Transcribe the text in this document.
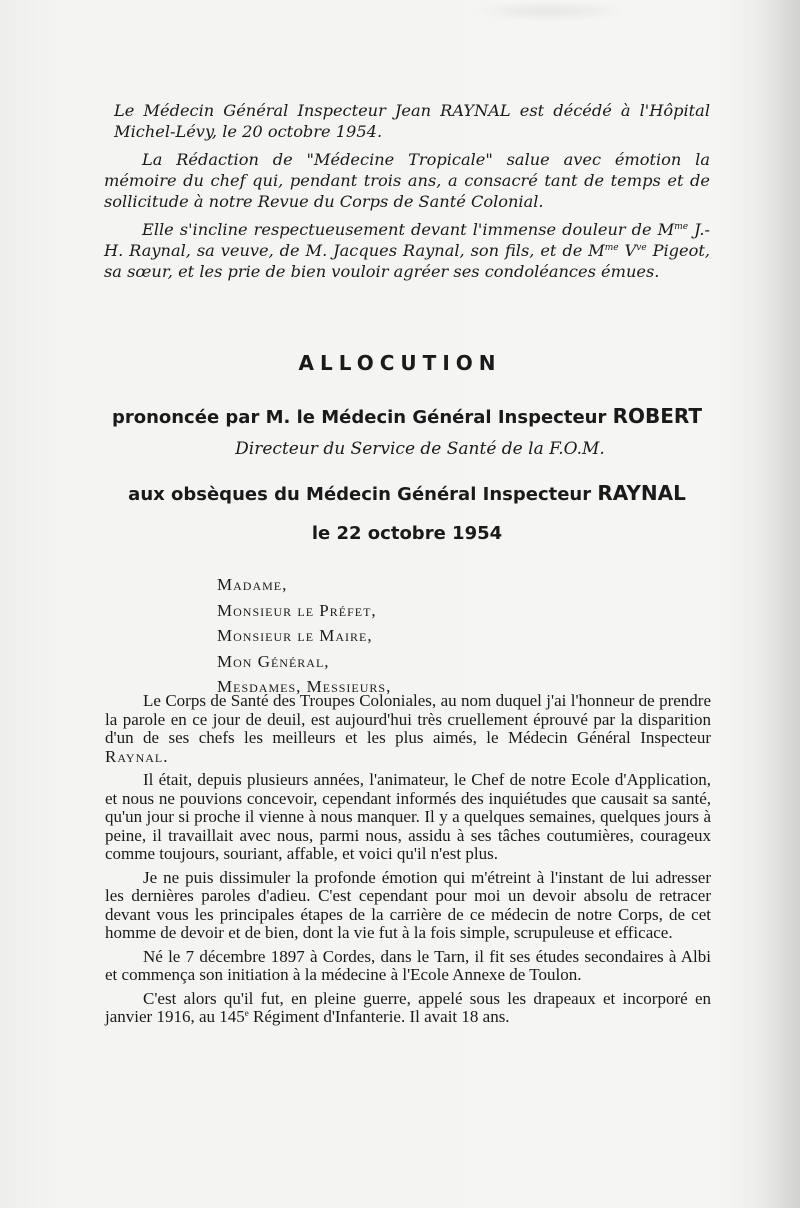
Le Médecin Général Inspecteur Jean RAYNAL est décédé à l'Hôpital Michel-Lévy, le 20 octobre 1954.

La Rédaction de "Médecine Tropicale" salue avec émotion la mémoire du chef qui, pendant trois ans, a consacré tant de temps et de sollicitude à notre Revue du Corps de Santé Colonial.

Elle s'incline respectueusement devant l'immense douleur de $M^{me}$ J.-H. Raynal, sa veuve, de M. Jacques Raynal, son fils, et de $M^{me}$ $V^{ve}$ Pigeot, sa sœur, et les prie de bien vouloir agréer ses condoléances émues.

ALLOCUTION
prononcée par M. le Médecin Général Inspecteur ROBERT
Directeur du Service de Santé de la F.O.M.
aux obsèques du Médecin Général Inspecteur RAYNAL
le 22 octobre 1954
Madame,
Monsieur le Préfet,
Monsieur le Maire,
Mon Général,
Mesdames, Messieurs,

Le Corps de Santé des Troupes Coloniales, au nom duquel j'ai l'honneur de prendre la parole en ce jour de deuil, est aujourd'hui très cruellement éprouvé par la disparition d'un de ses chefs les meilleurs et les plus aimés, le Médecin Général Inspecteur Raynal.

Il était, depuis plusieurs années, l'animateur, le Chef de notre Ecole d'Application, et nous ne pouvions concevoir, cependant informés des inquiétudes que causait sa santé, qu'un jour si proche il vienne à nous manquer. Il y a quelques semaines, quelques jours à peine, il travaillait avec nous, parmi nous, assidu à ses tâches coutumières, courageux comme toujours, souriant, affable, et voici qu'il n'est plus.

Je ne puis dissimuler la profonde émotion qui m'étreint à l'instant de lui adresser les dernières paroles d'adieu. C'est cependant pour moi un devoir absolu de retracer devant vous les principales étapes de la carrière de ce médecin de notre Corps, de cet homme de devoir et de bien, dont la vie fut à la fois simple, scrupuleuse et efficace.

Né le 7 décembre 1897 à Cordes, dans le Tarn, il fit ses études secondaires à Albi et commença son initiation à la médecine à l'Ecole Annexe de Toulon.

C'est alors qu'il fut, en pleine guerre, appelé sous les drapeaux et incorporé en janvier 1916, au 145e Régiment d'Infanterie. Il avait 18 ans.
